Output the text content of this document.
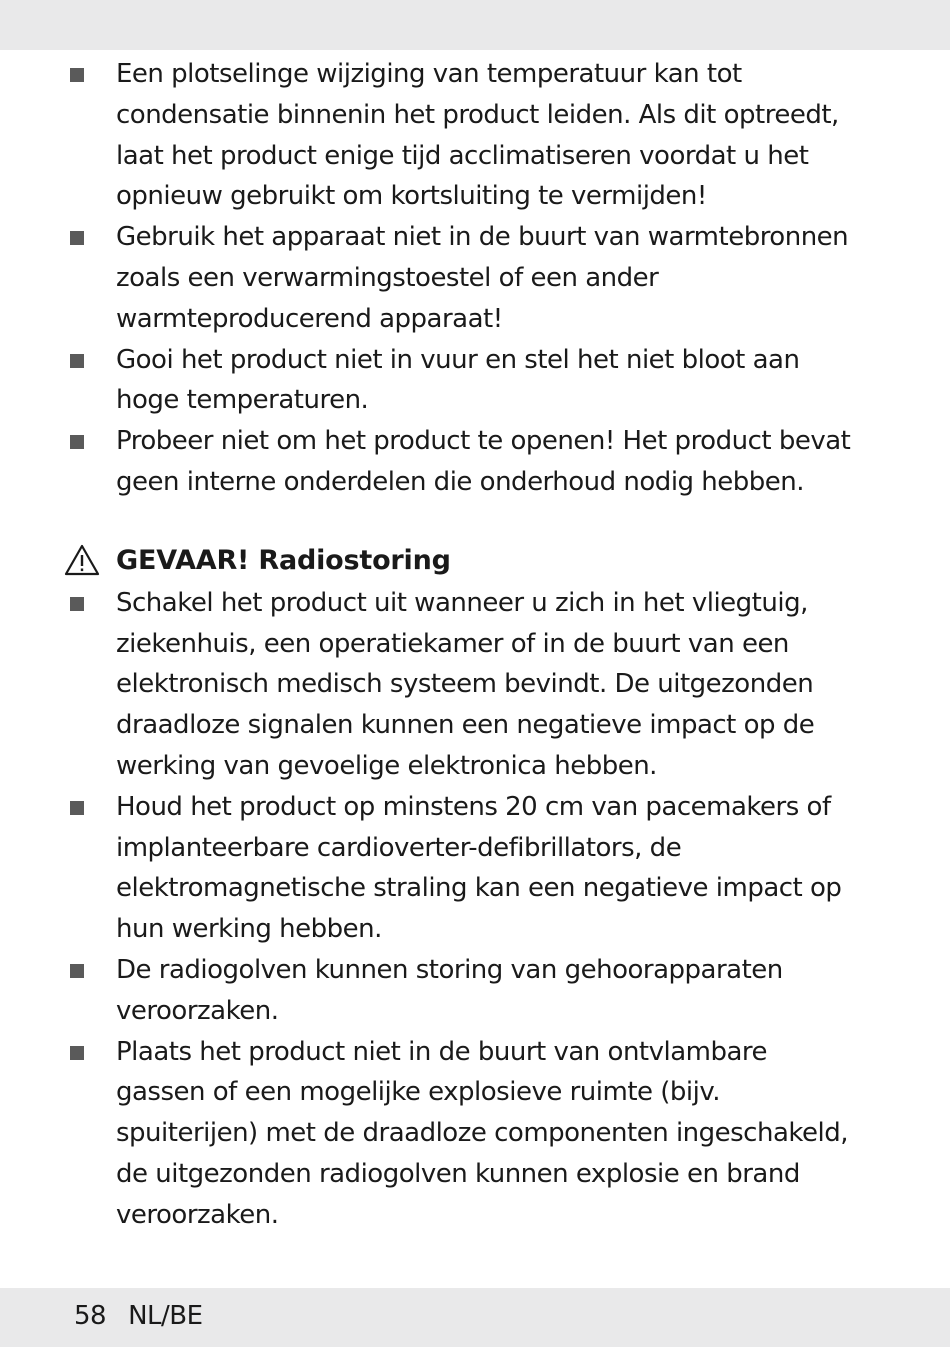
Een plotselinge wijziging van temperatuur kan tot condensatie binnenin het product leiden. Als dit optreedt, laat het product enige tijd acclimatiseren voordat u het opnieuw gebruikt om kortsluiting te vermijden!
Gebruik het apparaat niet in de buurt van warmtebronnen zoals een verwarmingstoestel of een ander warmteproducerend apparaat!
Gooi het product niet in vuur en stel het niet bloot aan hoge temperaturen.
Probeer niet om het product te openen! Het product bevat geen interne onderdelen die onderhoud nodig hebben.
GEVAAR! Radiostoring
Schakel het product uit wanneer u zich in het vliegtuig, ziekenhuis, een operatiekamer of in de buurt van een elektronisch medisch systeem bevindt. De uitgezonden draadloze signalen kunnen een negatieve impact op de werking van gevoelige elektronica hebben.
Houd het product op minstens 20 cm van pacemakers of implanteerbare cardioverter-defibrillators, de elektromagnetische straling kan een negatieve impact op hun werking hebben.
De radiogolven kunnen storing van gehoorapparaten veroorzaken.
Plaats het product niet in de buurt van ontvlambare gassen of een mogelijke explosieve ruimte (bijv. spuiterijen) met de draadloze componenten ingeschakeld, de uitgezonden radiogolven kunnen explosie en brand veroorzaken.
58 NL/BE
